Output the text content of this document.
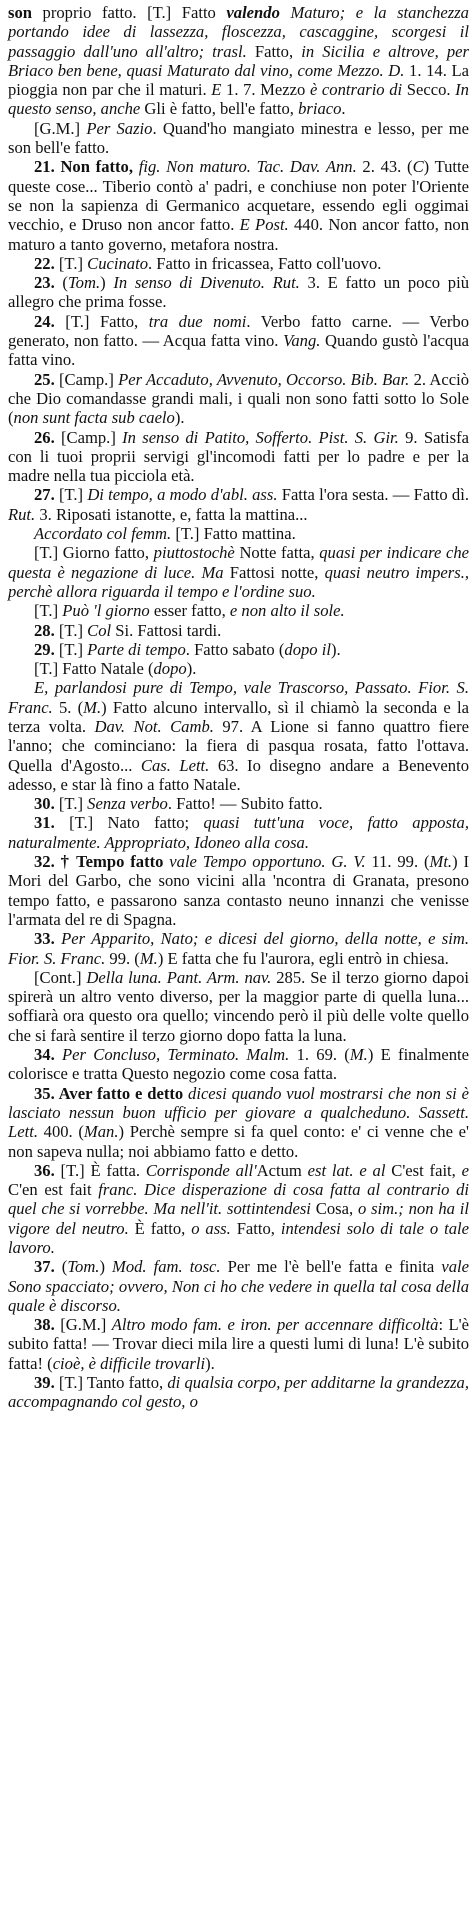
son proprio fatto. [T.] Fatto valendo Maturo; e la stanchezza portando idee di lassezza, floscezza, cascaggine, scorgesi il passaggio dall'uno all'altro; trasl. Fatto, in Sicilia e altrove, per Briaco ben bene, quasi Maturato dal vino, come Mezzo. D. 1. 14. La pioggia non par che il maturi. E 1. 7. Mezzo è contrario di Secco. In questo senso, anche Gli è fatto, bell'e fatto, briaco.

[G.M.] Per Sazio. Quand'ho mangiato minestra e lesso, per me son bell'e fatto.

21. Non fatto, fig. Non maturo. Tac. Dav. Ann. 2. 43. (C) Tutte queste cose... Tiberio contò a' padri, e conchiuse non poter l'Oriente se non la sapienza di Germanico acquetare, essendo egli oggimai vecchio, e Druso non ancor fatto. E Post. 440. Non ancor fatto, non maturo a tanto governo, metafora nostra.

22. [T.] Cucinato. Fatto in fricassea, Fatto coll'uovo.

23. (Tom.) In senso di Divenuto. Rut. 3. E fatto un poco più allegro che prima fosse.

24. [T.] Fatto, tra due nomi. Verbo fatto carne. — Verbo generato, non fatto. — Acqua fatta vino. Vang. Quando gustò l'acqua fatta vino.

25. [Camp.] Per Accaduto, Avvenuto, Occorso. Bib. Bar. 2. Acciò che Dio comandasse grandi mali, i quali non sono fatti sotto lo Sole (non sunt facta sub caelo).

26. [Camp.] In senso di Patito, Sofferto. Pist. S. Gir. 9. Satisfa con li tuoi proprii servigi gl'incomodi fatti per lo padre e per la madre nella tua picciola età.

27. [T.] Di tempo, a modo d'abl. ass. Fatta l'ora sesta. — Fatto dì. Rut. 3. Riposati istanotte, e, fatta la mattina...

Accordato col femm. [T.] Fatto mattina.

[T.] Giorno fatto, piuttostochè Notte fatta, quasi per indicare che questa è negazione di luce. Ma Fattosi notte, quasi neutro impers., perchè allora riguarda il tempo e l'ordine suo.

[T.] Può 'l giorno esser fatto, e non alto il sole.

28. [T.] Col Si. Fattosi tardi.

29. [T.] Parte di tempo. Fatto sabato (dopo il).

[T.] Fatto Natale (dopo).

E, parlandosi pure di Tempo, vale Trascorso, Passato. Fior. S. Franc. 5. (M.) Fatto alcuno intervallo, sì il chiamò la seconda e la terza volta. Dav. Not. Camb. 97. A Lione si fanno quattro fiere l'anno; che cominciano: la fiera di pasqua rosata, fatto l'ottava. Quella d'Agosto... Cas. Lett. 63. Io disegno andare a Benevento adesso, e star là fino a fatto Natale.

30. [T.] Senza verbo. Fatto! — Subito fatto.

31. [T.] Nato fatto; quasi tutt'una voce, fatto apposta, naturalmente. Appropriato, Idoneo alla cosa.

32. † Tempo fatto vale Tempo opportuno. G. V. 11. 99. (Mt.) I Mori del Garbo, che sono vicini alla 'ncontra di Granata, presono tempo fatto, e passarono sanza contasto neuno innanzi che venisse l'armata del re di Spagna.

33. Per Apparito, Nato; e dicesi del giorno, della notte, e sim. Fior. S. Franc. 99. (M.) E fatta che fu l'aurora, egli entrò in chiesa.

[Cont.] Della luna. Pant. Arm. nav. 285. Se il terzo giorno dapoi spirerà un altro vento diverso, per la maggior parte di quella luna... soffiarà ora questo ora quello; vincendo però il più delle volte quello che si farà sentire il terzo giorno dopo fatta la luna.

34. Per Concluso, Terminato. Malm. 1. 69. (M.) E finalmente colorisce e tratta Questo negozio come cosa fatta.

35. Aver fatto e detto dicesi quando vuol mostrarsi che non si è lasciato nessun buon ufficio per giovare a qualcheduno. Sassett. Lett. 400. (Man.) Perchè sempre si fa quel conto: e' ci venne che e' non sapeva nulla; noi abbiamo fatto e detto.

36. [T.] È fatta. Corrisponde all'Actum est lat. e al C'est fait, e C'en est fait franc. Dice disperazione di cosa fatta al contrario di quel che si vorrebbe. Ma nell'it. sottintendesi Cosa, o sim.; non ha il vigore del neutro. È fatto, o ass. Fatto, intendesi solo di tale o tale lavoro.

37. (Tom.) Mod. fam. tosc. Per me l'è bell'e fatta e finita vale Sono spacciato; ovvero, Non ci ho che vedere in quella tal cosa della quale è discorso.

38. [G.M.] Altro modo fam. e iron. per accennare difficoltà: L'è subito fatta! — Trovar dieci mila lire a questi lumi di luna! L'è subito fatta! (cioè, è difficile trovarli).

39. [T.] Tanto fatto, di qualsia corpo, per additarne la grandezza, accompagnando col gesto, o
